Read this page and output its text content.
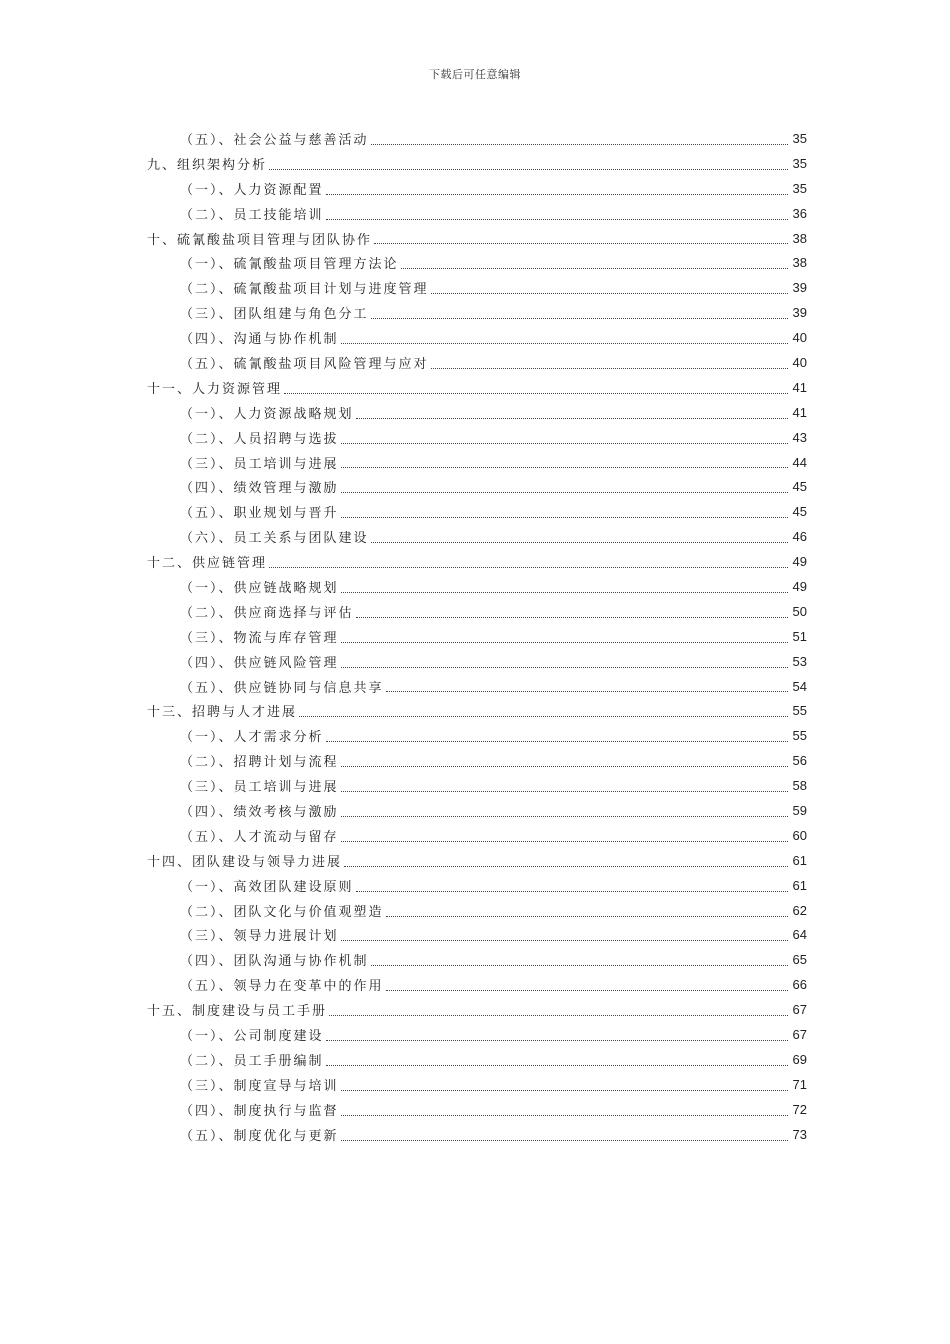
下载后可任意编辑
（五）、社会公益与慈善活动	35
九、组织架构分析	35
（一）、人力资源配置	35
（二）、员工技能培训	36
十、硫氰酸盐项目管理与团队协作	38
（一）、硫氰酸盐项目管理方法论	38
（二）、硫氰酸盐项目计划与进度管理	39
（三）、团队组建与角色分工	39
（四）、沟通与协作机制	40
（五）、硫氰酸盐项目风险管理与应对	40
十一、人力资源管理	41
（一）、人力资源战略规划	41
（二）、人员招聘与选拔	43
（三）、员工培训与进展	44
（四）、绩效管理与激励	45
（五）、职业规划与晋升	45
（六）、员工关系与团队建设	46
十二、供应链管理	49
（一）、供应链战略规划	49
（二）、供应商选择与评估	50
（三）、物流与库存管理	51
（四）、供应链风险管理	53
（五）、供应链协同与信息共享	54
十三、招聘与人才进展	55
（一）、人才需求分析	55
（二）、招聘计划与流程	56
（三）、员工培训与进展	58
（四）、绩效考核与激励	59
（五）、人才流动与留存	60
十四、团队建设与领导力进展	61
（一）、高效团队建设原则	61
（二）、团队文化与价值观塑造	62
（三）、领导力进展计划	64
（四）、团队沟通与协作机制	65
（五）、领导力在变革中的作用	66
十五、制度建设与员工手册	67
（一）、公司制度建设	67
（二）、员工手册编制	69
（三）、制度宣导与培训	71
（四）、制度执行与监督	72
（五）、制度优化与更新	73
